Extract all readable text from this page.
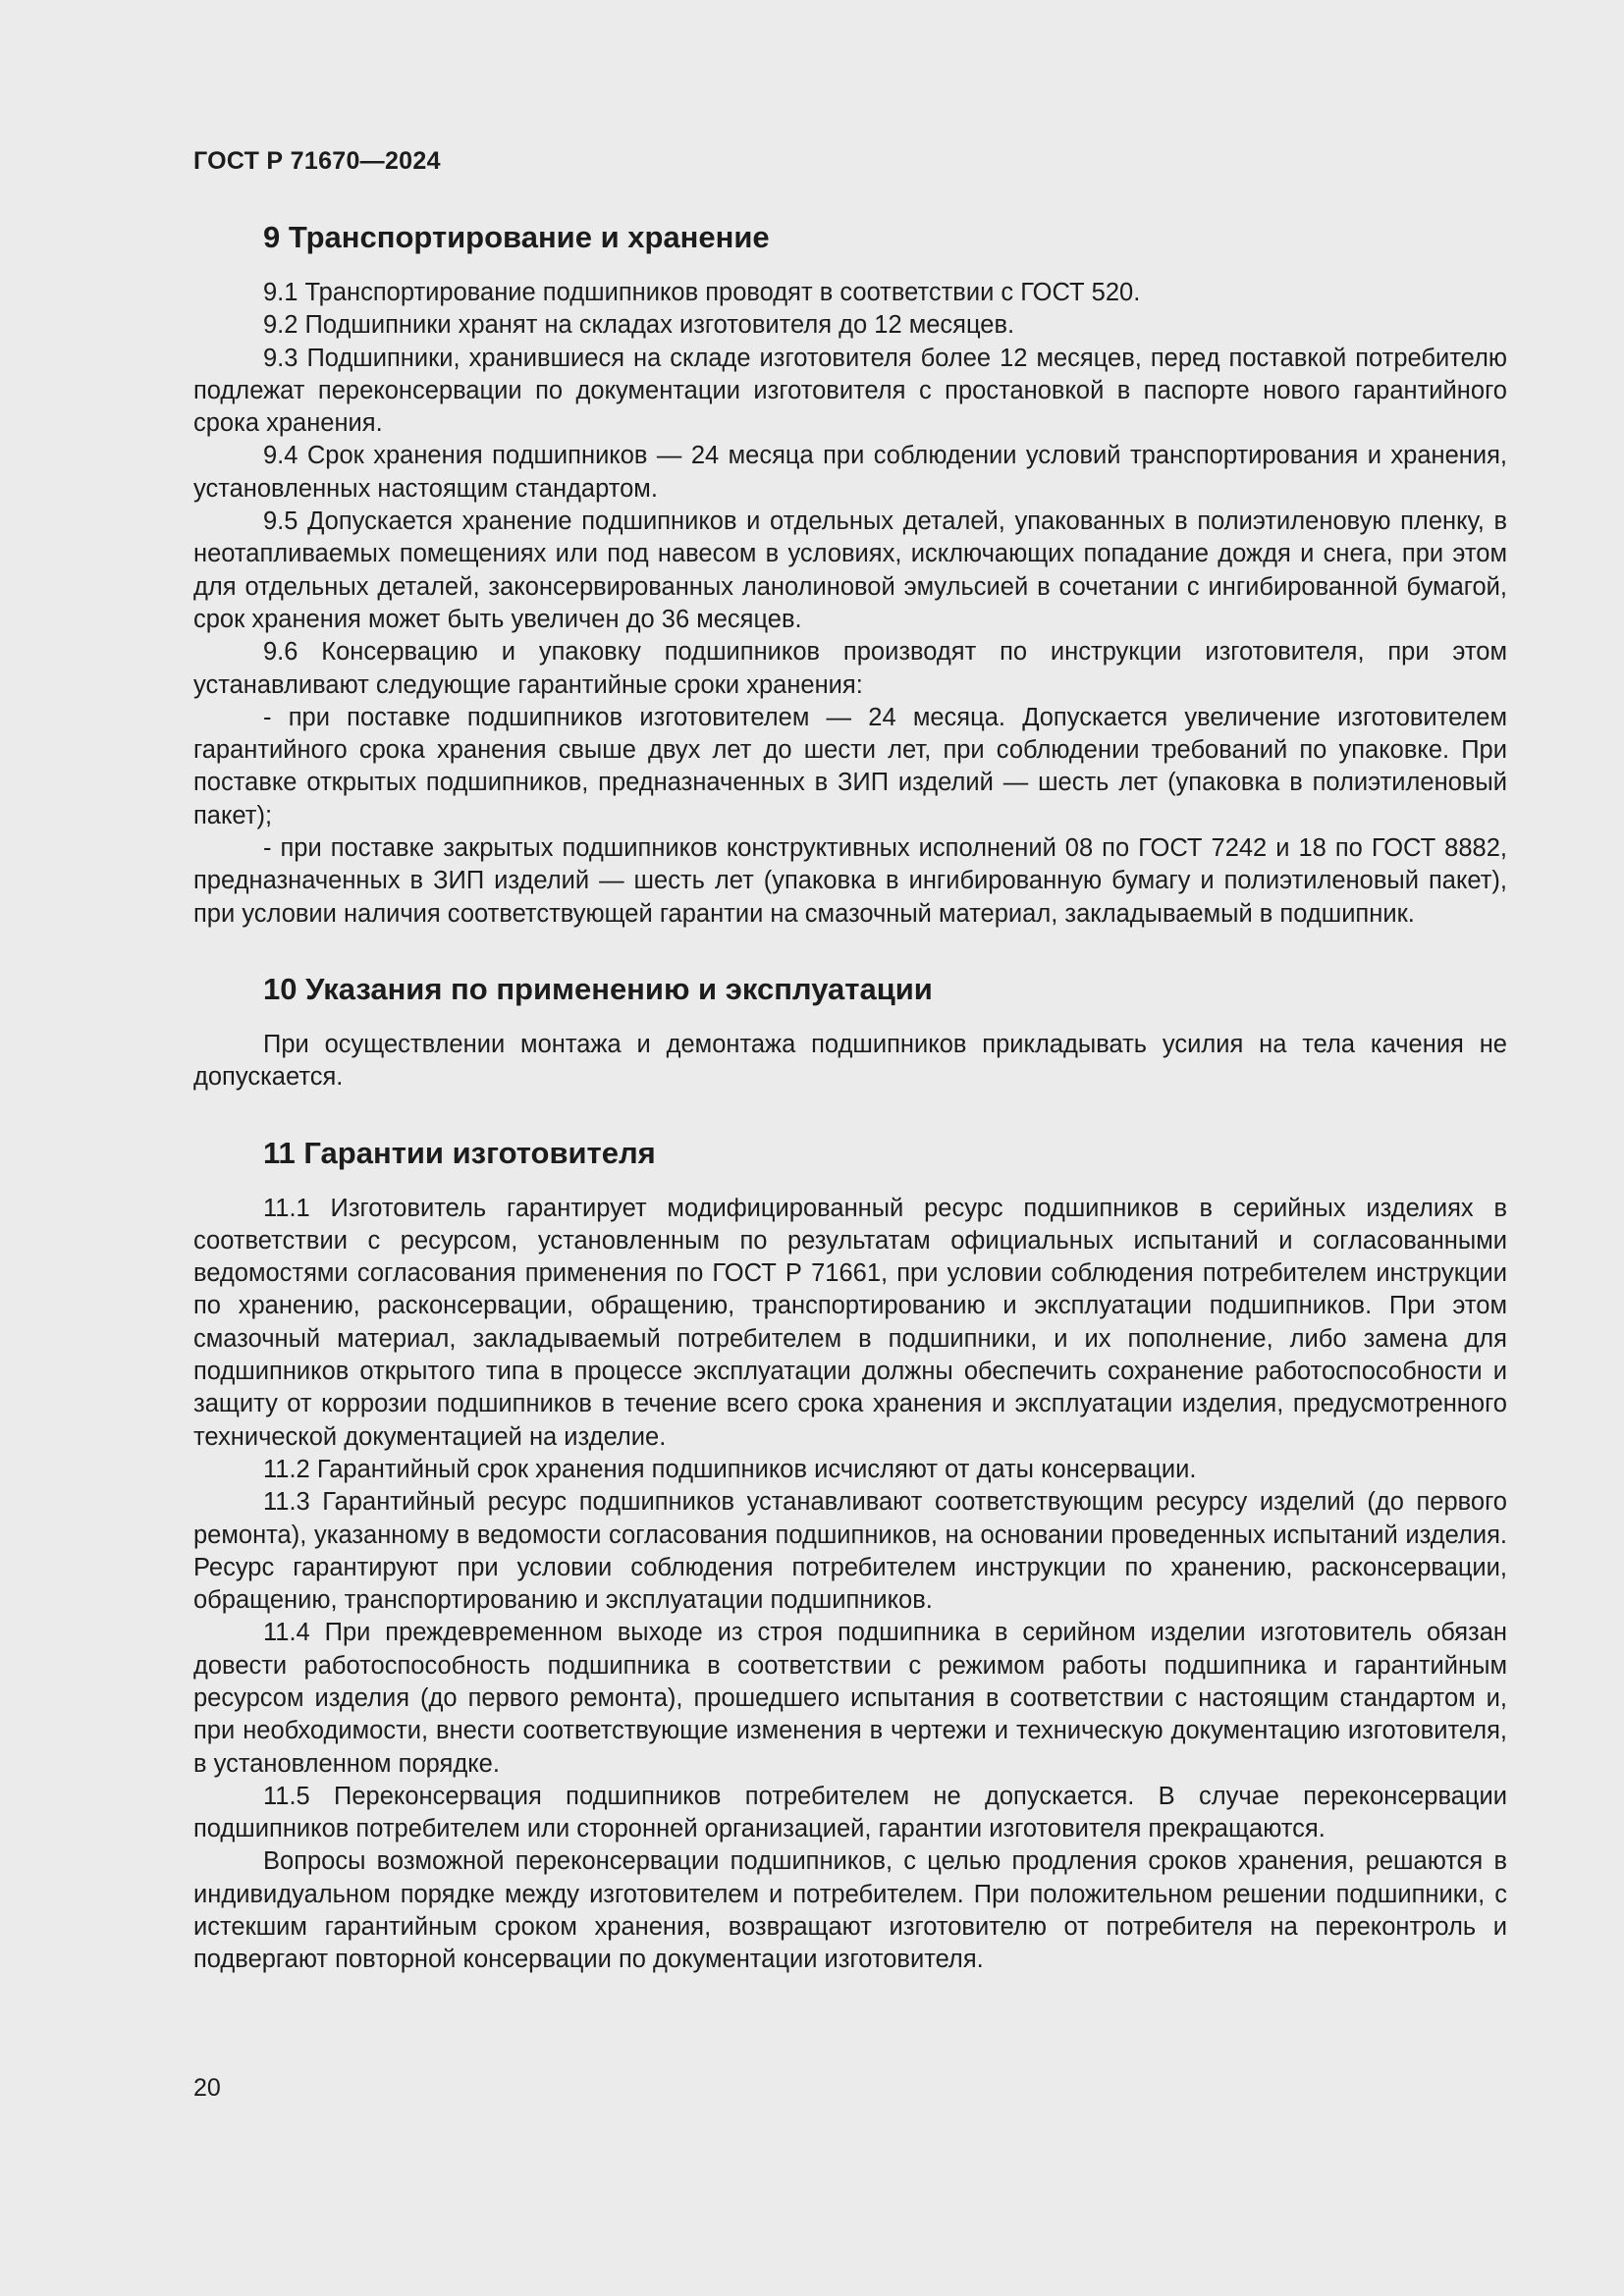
ГОСТ Р 71670—2024
9 Транспортирование и хранение

9.1 Транспортирование подшипников проводят в соответствии с ГОСТ 520.

9.2 Подшипники хранят на складах изготовителя до 12 месяцев.

9.3 Подшипники, хранившиеся на складе изготовителя более 12 месяцев, перед поставкой потребителю подлежат переконсервации по документации изготовителя с простановкой в паспорте нового гарантийного срока хранения.

9.4 Срок хранения подшипников — 24 месяца при соблюдении условий транспортирования и хранения, установленных настоящим стандартом.

9.5 Допускается хранение подшипников и отдельных деталей, упакованных в полиэтиленовую пленку, в неотапливаемых помещениях или под навесом в условиях, исключающих попадание дождя и снега, при этом для отдельных деталей, законсервированных ланолиновой эмульсией в сочетании с ингибированной бумагой, срок хранения может быть увеличен до 36 месяцев.

9.6 Консервацию и упаковку подшипников производят по инструкции изготовителя, при этом устанавливают следующие гарантийные сроки хранения:

- при поставке подшипников изготовителем — 24 месяца. Допускается увеличение изготовителем гарантийного срока хранения свыше двух лет до шести лет, при соблюдении требований по упаковке. При поставке открытых подшипников, предназначенных в ЗИП изделий — шесть лет (упаковка в полиэтиленовый пакет);

- при поставке закрытых подшипников конструктивных исполнений 08 по ГОСТ 7242 и 18 по ГОСТ 8882, предназначенных в ЗИП изделий — шесть лет (упаковка в ингибированную бумагу и полиэтиленовый пакет), при условии наличия соответствующей гарантии на смазочный материал, закладываемый в подшипник.

10 Указания по применению и эксплуатации

При осуществлении монтажа и демонтажа подшипников прикладывать усилия на тела качения не допускается.

11 Гарантии изготовителя

11.1 Изготовитель гарантирует модифицированный ресурс подшипников в серийных изделиях в соответствии с ресурсом, установленным по результатам официальных испытаний и согласованными ведомостями согласования применения по ГОСТ Р 71661, при условии соблюдения потребителем инструкции по хранению, расконсервации, обращению, транспортированию и эксплуатации подшипников. При этом смазочный материал, закладываемый потребителем в подшипники, и их пополнение, либо замена для подшипников открытого типа в процессе эксплуатации должны обеспечить сохранение работоспособности и защиту от коррозии подшипников в течение всего срока хранения и эксплуатации изделия, предусмотренного технической документацией на изделие.

11.2 Гарантийный срок хранения подшипников исчисляют от даты консервации.

11.3 Гарантийный ресурс подшипников устанавливают соответствующим ресурсу изделий (до первого ремонта), указанному в ведомости согласования подшипников, на основании проведенных испытаний изделия. Ресурс гарантируют при условии соблюдения потребителем инструкции по хранению, расконсервации, обращению, транспортированию и эксплуатации подшипников.

11.4 При преждевременном выходе из строя подшипника в серийном изделии изготовитель обязан довести работоспособность подшипника в соответствии с режимом работы подшипника и гарантийным ресурсом изделия (до первого ремонта), прошедшего испытания в соответствии с настоящим стандартом и, при необходимости, внести соответствующие изменения в чертежи и техническую документацию изготовителя, в установленном порядке.

11.5 Переконсервация подшипников потребителем не допускается. В случае переконсервации подшипников потребителем или сторонней организацией, гарантии изготовителя прекращаются.

Вопросы возможной переконсервации подшипников, с целью продления сроков хранения, решаются в индивидуальном порядке между изготовителем и потребителем. При положительном решении подшипники, с истекшим гарантийным сроком хранения, возвращают изготовителю от потребителя на переконтроль и подвергают повторной консервации по документации изготовителя.

20
